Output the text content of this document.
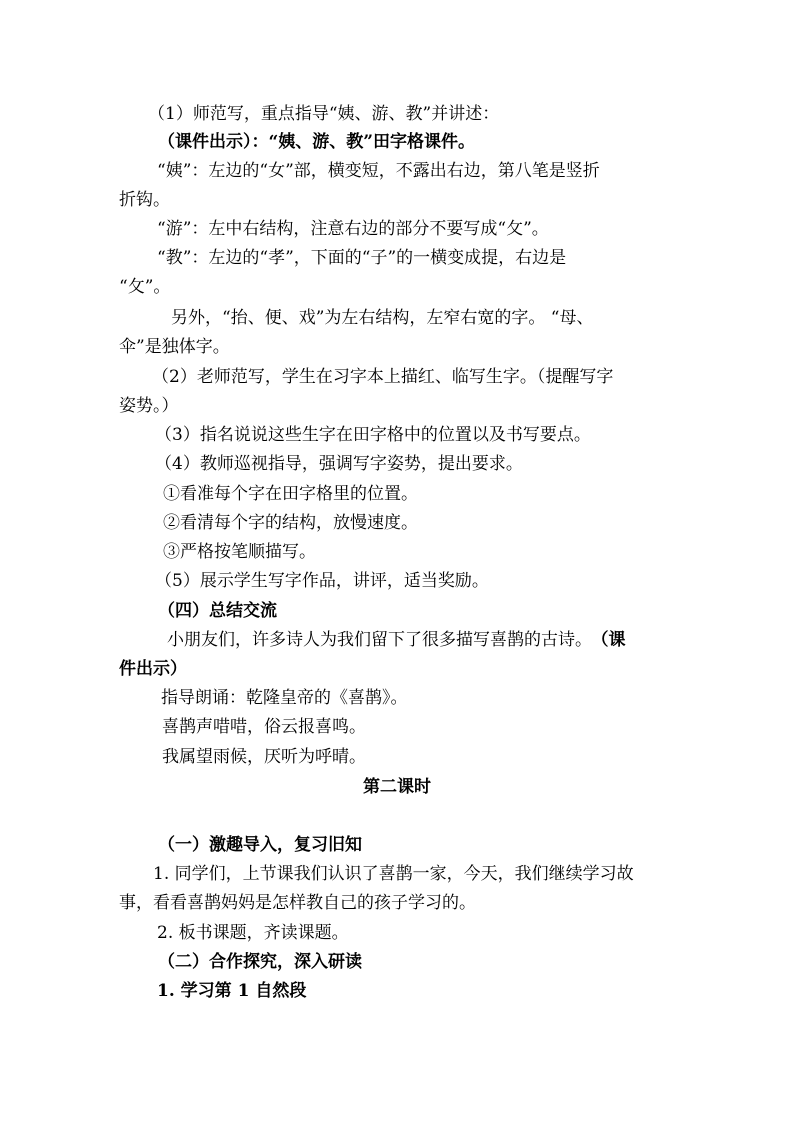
（1）师范写，重点指导“姨、游、教”并讲述：

（课件出示）：“姨、游、教”田字格课件。

“姨”：左边的“女”部，横变短，不露出右边，第八笔是竖折

折钩。

“游”：左中右结构，注意右边的部分不要写成“攵”。

“教”：左边的“孝”，下面的“子”的一横变成提，右边是

“攵”。

另外，“抬、便、戏”为左右结构，左窄右宽的字。 “母、

伞”是独体字。

（2）老师范写，学生在习字本上描红、临写生字。（提醒写字

姿势。）

（3）指名说说这些生字在田字格中的位置以及书写要点。

（4）教师巡视指导，强调写字姿势，提出要求。

①看准每个字在田字格里的位置。

②看清每个字的结构，放慢速度。

③严格按笔顺描写。

（5）展示学生写字作品，讲评，适当奖励。

（四）总结交流

小朋友们，许多诗人为我们留下了很多描写喜鹊的古诗。 （课

件出示）

指导朗诵：乾隆皇帝的《喜鹊》。

喜鹊声唶唶，俗云报喜鸣。

我属望雨候，厌听为呼晴。

第二课时

（一）激趣导入，复习旧知

1. 同学们，上节课我们认识了喜鹊一家，今天，我们继续学习故

事，看看喜鹊妈妈是怎样教自己的孩子学习的。

2. 板书课题，齐读课题。

（二）合作探究，深入研读

1. 学习第 1 自然段
